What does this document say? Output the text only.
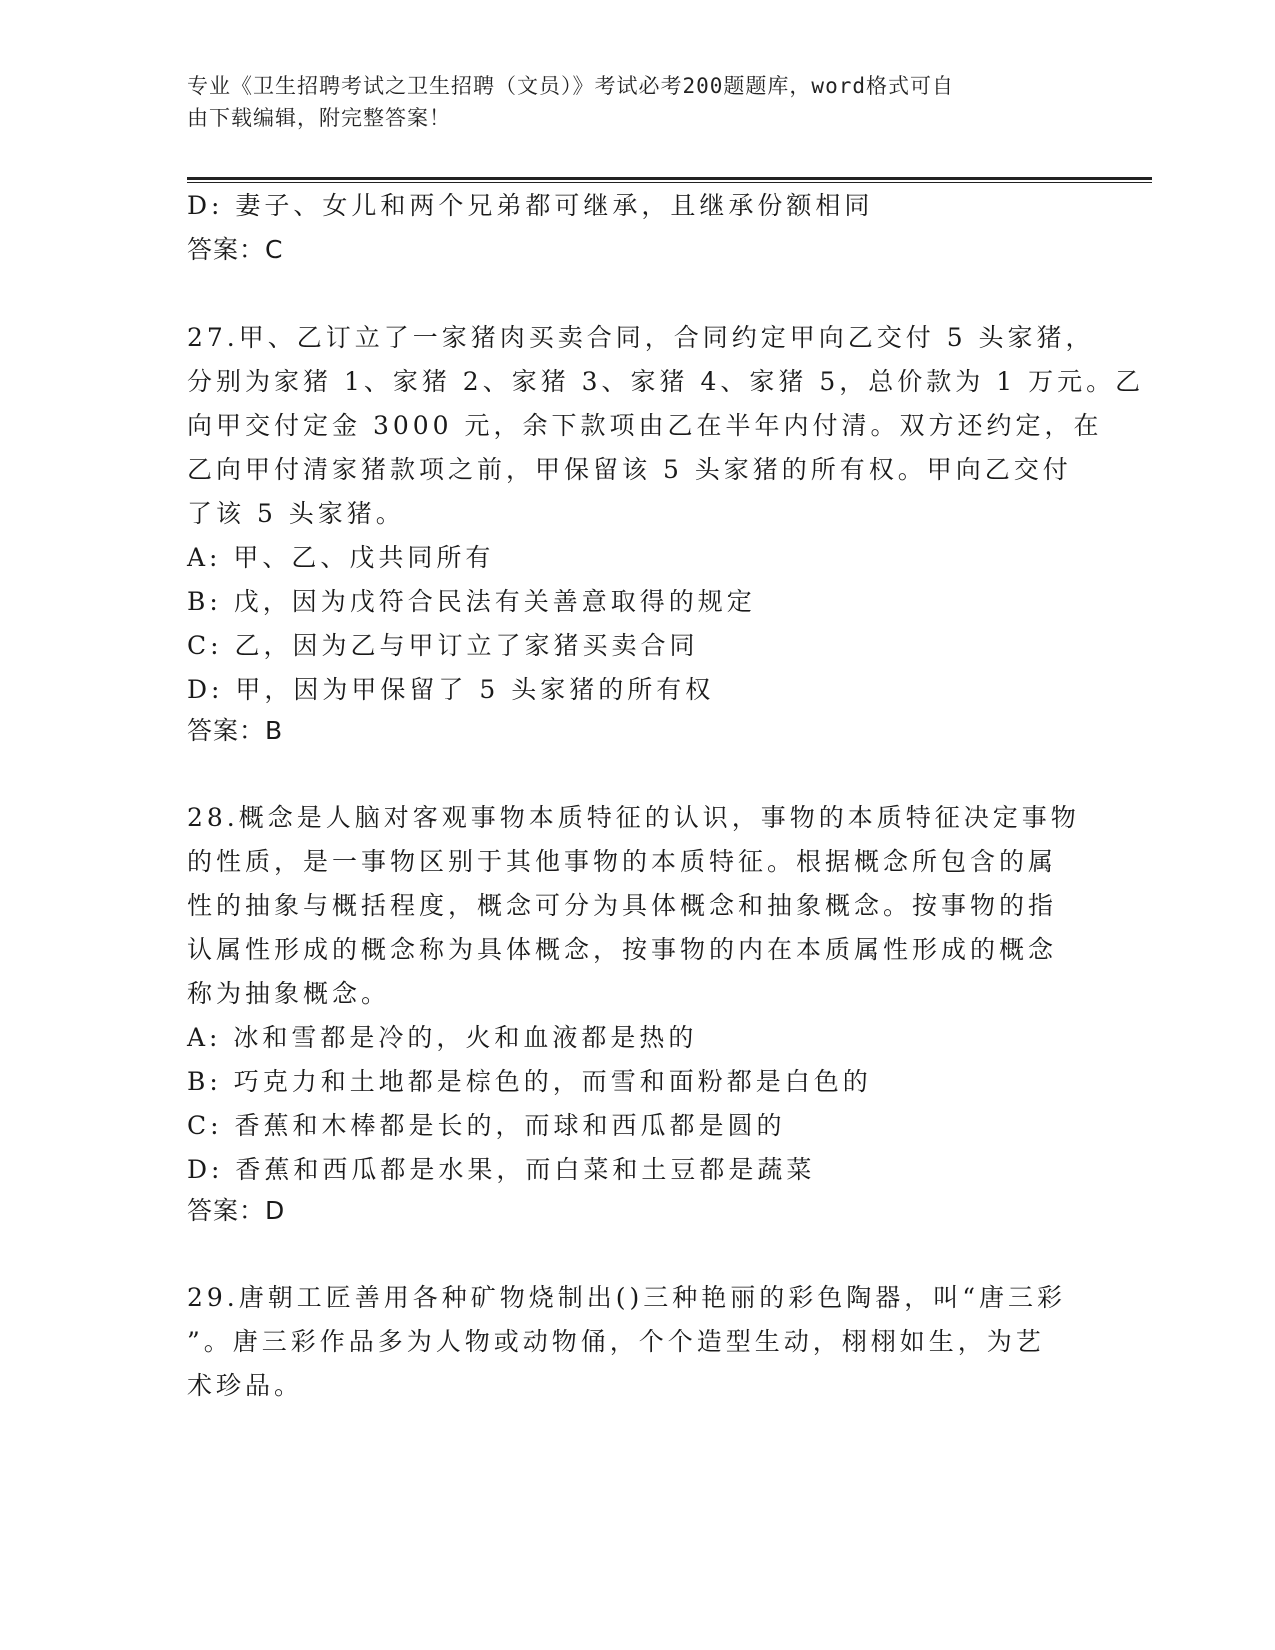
专业《卫生招聘考试之卫生招聘（文员）》考试必考200题题库，word格式可自
由下载编辑，附完整答案！
D: 妻子、女儿和两个兄弟都可继承，且继承份额相同
答案：C
27.甲、乙订立了一家猪肉买卖合同，合同约定甲向乙交付 5 头家猪，
分别为家猪 1、家猪 2、家猪 3、家猪 4、家猪 5，总价款为 1 万元。乙
向甲交付定金 3000 元，余下款项由乙在半年内付清。双方还约定，在
乙向甲付清家猪款项之前，甲保留该 5 头家猪的所有权。甲向乙交付
了该 5 头家猪。
A: 甲、乙、戊共同所有
B: 戊，因为戊符合民法有关善意取得的规定
C: 乙，因为乙与甲订立了家猪买卖合同
D: 甲，因为甲保留了 5 头家猪的所有权
答案：B
28.概念是人脑对客观事物本质特征的认识，事物的本质特征决定事物
的性质，是一事物区别于其他事物的本质特征。根据概念所包含的属
性的抽象与概括程度，概念可分为具体概念和抽象概念。按事物的指
认属性形成的概念称为具体概念，按事物的内在本质属性形成的概念
称为抽象概念。
A: 冰和雪都是冷的，火和血液都是热的
B: 巧克力和土地都是棕色的，而雪和面粉都是白色的
C: 香蕉和木棒都是长的，而球和西瓜都是圆的
D: 香蕉和西瓜都是水果，而白菜和土豆都是蔬菜
答案：D
29.唐朝工匠善用各种矿物烧制出()三种艳丽的彩色陶器，叫“唐三彩
”。唐三彩作品多为人物或动物俑，个个造型生动，栩栩如生，为艺
术珍品。
